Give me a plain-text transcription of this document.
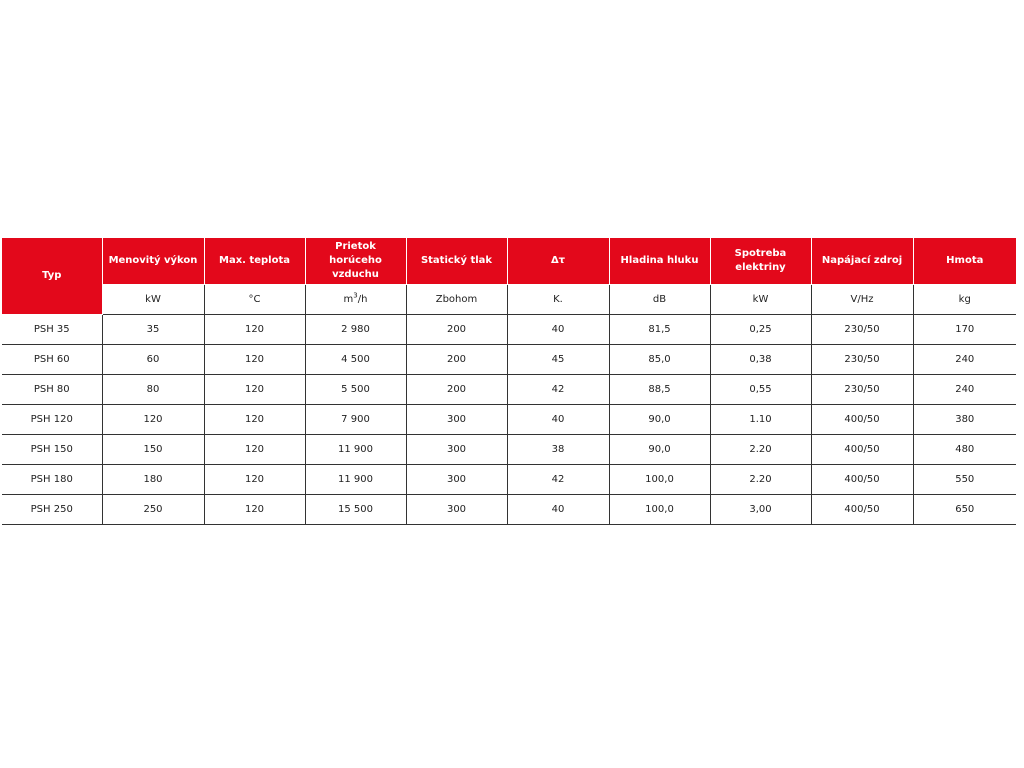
Typ	Menovitý výkon	Max. teplota	Prietok horúceho vzduchu	Statický tlak	Δτ	Hladina hluku	Spotreba elektriny	Napájací zdroj	Hmota
	kW	°C	$m^3/h$	Zbohom	K.	dB	kW	V/Hz	kg
PSH 35	35	120	2 980	200	40	81,5	0,25	230/50	170
PSH 60	60	120	4 500	200	45	85,0	0,38	230/50	240
PSH 80	80	120	5 500	200	42	88,5	0,55	230/50	240
PSH 120	120	120	7 900	300	40	90,0	1.10	400/50	380
PSH 150	150	120	11 900	300	38	90,0	2.20	400/50	480
PSH 180	180	120	11 900	300	42	100,0	2.20	400/50	550
PSH 250	250	120	15 500	300	40	100,0	3,00	400/50	650
